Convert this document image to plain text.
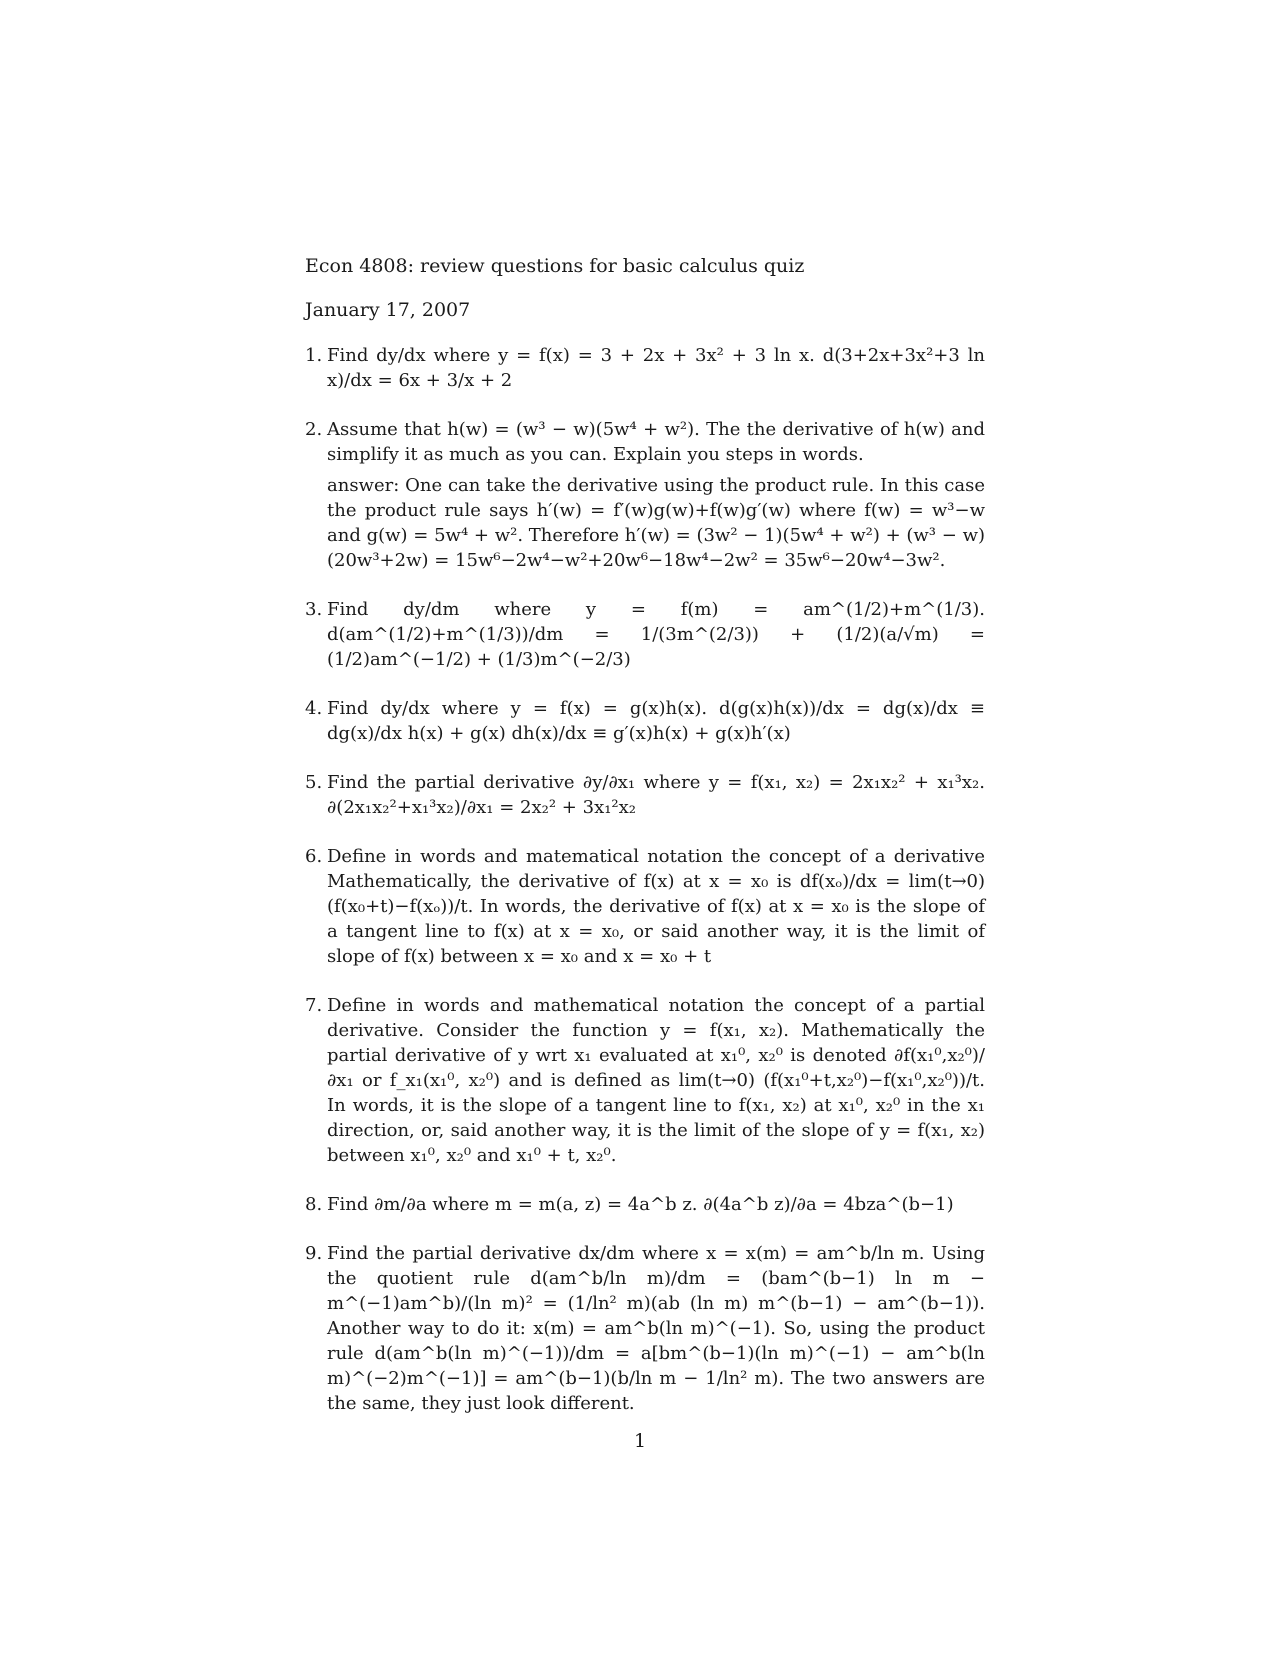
Econ 4808: review questions for basic calculus quiz
January 17, 2007
1. Find dy/dx where y = f(x) = 3 + 2x + 3x² + 3 ln x. d(3+2x+3x²+3 ln x)/dx = 6x + 3/x + 2

2. Assume that h(w) = (w³ − w)(5w⁴ + w²). The the derivative of h(w) and simplify it as much as you can. Explain you steps in words.

answer: One can take the derivative using the product rule. In this case the product rule says h′(w) = f′(w)g(w)+f(w)g′(w) where f(w) = w³−w and g(w) = 5w⁴ + w². Therefore h′(w) = (3w² − 1)(5w⁴ + w²) + (w³ − w)(20w³+2w) = 15w⁶−2w⁴−w²+20w⁶−18w⁴−2w² = 35w⁶−20w⁴−3w².

3. Find dy/dm where y = f(m) = am^(1/2)+m^(1/3). d(am^(1/2)+m^(1/3))/dm = 1/(3m^(2/3)) + (1/2)(a/√m) = (1/2)am^(−1/2) + (1/3)m^(−2/3)

4. Find dy/dx where y = f(x) = g(x)h(x). d(g(x)h(x))/dx = dg(x)/dx ≡ dg(x)/dx h(x) + g(x) dh(x)/dx ≡ g′(x)h(x) + g(x)h′(x)

5. Find the partial derivative ∂y/∂x₁ where y = f(x₁, x₂) = 2x₁x₂² + x₁³x₂. ∂(2x₁x₂²+x₁³x₂)/∂x₁ = 2x₂² + 3x₁²x₂

6. Define in words and matematical notation the concept of a derivative Mathematically, the derivative of f(x) at x = x₀ is df(xₒ)/dx = lim(t→0) (f(x₀+t)−f(xₒ))/t. In words, the derivative of f(x) at x = x₀ is the slope of a tangent line to f(x) at x = x₀, or said another way, it is the limit of slope of f(x) between x = x₀ and x = x₀ + t

7. Define in words and mathematical notation the concept of a partial derivative. Consider the function y = f(x₁, x₂). Mathematically the partial derivative of y wrt x₁ evaluated at x₁⁰, x₂⁰ is denoted ∂f(x₁⁰,x₂⁰)/∂x₁ or f_x₁(x₁⁰, x₂⁰) and is defined as lim(t→0) (f(x₁⁰+t,x₂⁰)−f(x₁⁰,x₂⁰))/t. In words, it is the slope of a tangent line to f(x₁, x₂) at x₁⁰, x₂⁰ in the x₁ direction, or, said another way, it is the limit of the slope of y = f(x₁, x₂) between x₁⁰, x₂⁰ and x₁⁰ + t, x₂⁰.

8. Find ∂m/∂a where m = m(a, z) = 4a^b z. ∂(4a^b z)/∂a = 4bza^(b−1)

9. Find the partial derivative dx/dm where x = x(m) = am^b/ln m. Using the quotient rule d(am^b/ln m)/dm = (bam^(b−1) ln m − m^(−1)am^b)/(ln m)² = (1/ln² m)(ab (ln m) m^(b−1) − am^(b−1)). Another way to do it: x(m) = am^b(ln m)^(−1). So, using the product rule d(am^b(ln m)^(−1))/dm = a[bm^(b−1)(ln m)^(−1) − am^b(ln m)^(−2)m^(−1)] = am^(b−1)(b/ln m − 1/ln² m). The two answers are the same, they just look different.

1
